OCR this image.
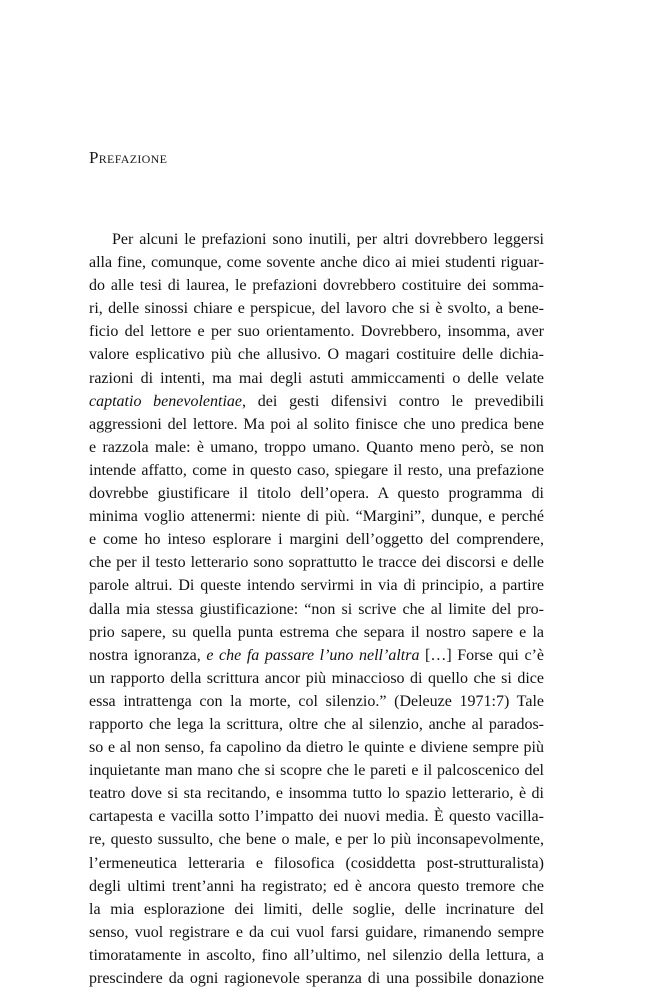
Prefazione
Per alcuni le prefazioni sono inutili, per altri dovrebbero leggersi
alla fine, comunque, come sovente anche dico ai miei studenti riguar-
do alle tesi di laurea, le prefazioni dovrebbero costituire dei somma-
ri, delle sinossi chiare e perspicue, del lavoro che si è svolto, a bene-
ficio del lettore e per suo orientamento. Dovrebbero, insomma, aver
valore esplicativo più che allusivo. O magari costituire delle dichia-
razioni di intenti, ma mai degli astuti ammiccamenti o delle velate
captatio benevolentiae, dei gesti difensivi contro le prevedibili
aggressioni del lettore. Ma poi al solito finisce che uno predica bene
e razzola male: è umano, troppo umano. Quanto meno però, se non
intende affatto, come in questo caso, spiegare il resto, una prefazione
dovrebbe giustificare il titolo dell’opera. A questo programma di
minima voglio attenermi: niente di più. “Margini”, dunque, e perché
e come ho inteso esplorare i margini dell’oggetto del comprendere,
che per il testo letterario sono soprattutto le tracce dei discorsi e delle
parole altrui. Di queste intendo servirmi in via di principio, a partire
dalla mia stessa giustificazione: “non si scrive che al limite del pro-
prio sapere, su quella punta estrema che separa il nostro sapere e la
nostra ignoranza, e che fa passare l’uno nell’altra […] Forse qui c’è
un rapporto della scrittura ancor più minaccioso di quello che si dice
essa intrattenga con la morte, col silenzio.” (Deleuze 1971:7) Tale
rapporto che lega la scrittura, oltre che al silenzio, anche al parados-
so e al non senso, fa capolino da dietro le quinte e diviene sempre più
inquietante man mano che si scopre che le pareti e il palcoscenico del
teatro dove si sta recitando, e insomma tutto lo spazio letterario, è di
cartapesta e vacilla sotto l’impatto dei nuovi media. È questo vacilla-
re, questo sussulto, che bene o male, e per lo più inconsapevolmente,
l’ermeneutica letteraria e filosofica (cosiddetta post-strutturalista)
degli ultimi trent’anni ha registrato; ed è ancora questo tremore che
la mia esplorazione dei limiti, delle soglie, delle incrinature del
senso, vuol registrare e da cui vuol farsi guidare, rimanendo sempre
timoratamente in ascolto, fino all’ultimo, nel silenzio della lettura, a
prescindere da ogni ragionevole speranza di una possibile donazione
